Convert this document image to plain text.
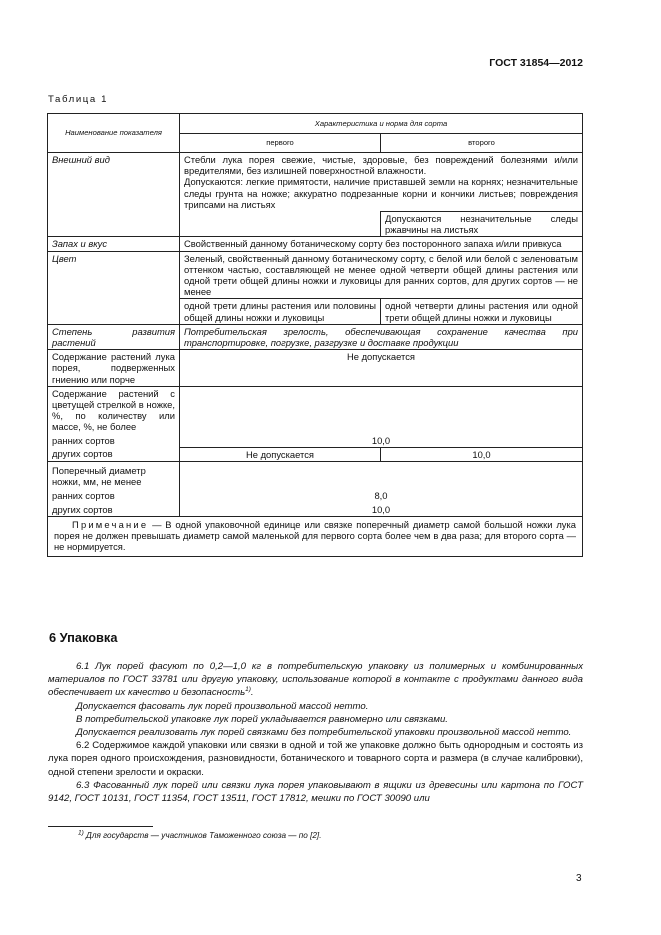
ГОСТ 31854—2012
Таблица 1
Наименование показателя	Характеристика и норма для сорта	
	первого	второго
Внешний вид	Стебли лука порея свежие, чистые, здоровые, без повреждений болезнями и/или вредителями, без излишней поверхностной влажности.
Допускаются: легкие примятости, наличие приставшей земли на корнях; незначительные следы грунта на ножке; аккуратно подрезанные корни и кончики листьев; повреждения трипсами на листьях	

		Допускаются незначительные следы ржавчины на листьях
Запах и вкус	Свойственный данному ботаническому сорту без посторонного запаха и/или привкуса	
Цвет	Зеленый, свойственный данному ботаническому сорту, с белой или белой с зеленоватым оттенком частью, составляющей не менее одной четверти общей длины растения или одной трети общей длины ножки и луковицы для ранних сортов, для других сортов — не менее	
	одной трети длины растения или половины общей длины ножки и луковицы	одной четверти длины растения или одной трети общей длины ножки и луковицы
Степень развития растений	Потребительская зрелость, обеспечивающая сохранение качества при транспортировке, погрузке, разгрузке и доставке продукции	
Содержание растений лука порея, подверженных гниению или порче	Не допускается	
Содержание растений с цветущей стрелкой в ножке, %, по количеству или массе, %, не более		
ранних сортов	10,0	
других сортов	Не допускается	10,0
Поперечный диаметр ножки, мм, не менее		
ранних сортов	8,0	
других сортов	10,0	
Примечание — В одной упаковочной единице или связке поперечный диаметр самой большой ножки лука порея не должен превышать диаметр самой маленькой для первого сорта более чем в два раза; для второго сорта — не нормируется.		
6 Упаковка

6.1 Лук порей фасуют по 0,2—1,0 кг в потребительскую упаковку из полимерных и комбинированных материалов по ГОСТ 33781 или другую упаковку, использование которой в контакте с продуктами данного вида обеспечивает их качество и безопасность$^{1)}$.

Допускается фасовать лук порей произвольной массой нетто.

В потребительской упаковке лук порей укладывается равномерно или связками.

Допускается реализовать лук порей связками без потребительской упаковки произвольной массой нетто.

6.2 Содержимое каждой упаковки или связки в одной и той же упаковке должно быть однородным и состоять из лука порея одного происхождения, разновидности, ботанического и товарного сорта и размера (в случае калибровки), одной степени зрелости и окраски.

6.3 Фасованный лук порей или связки лука порея упаковывают в ящики из древесины или картона по ГОСТ 9142, ГОСТ 10131, ГОСТ 11354, ГОСТ 13511, ГОСТ 17812, мешки по ГОСТ 30090 или

$^{1)}$ Для государств — участников Таможенного союза — по [2].
3
